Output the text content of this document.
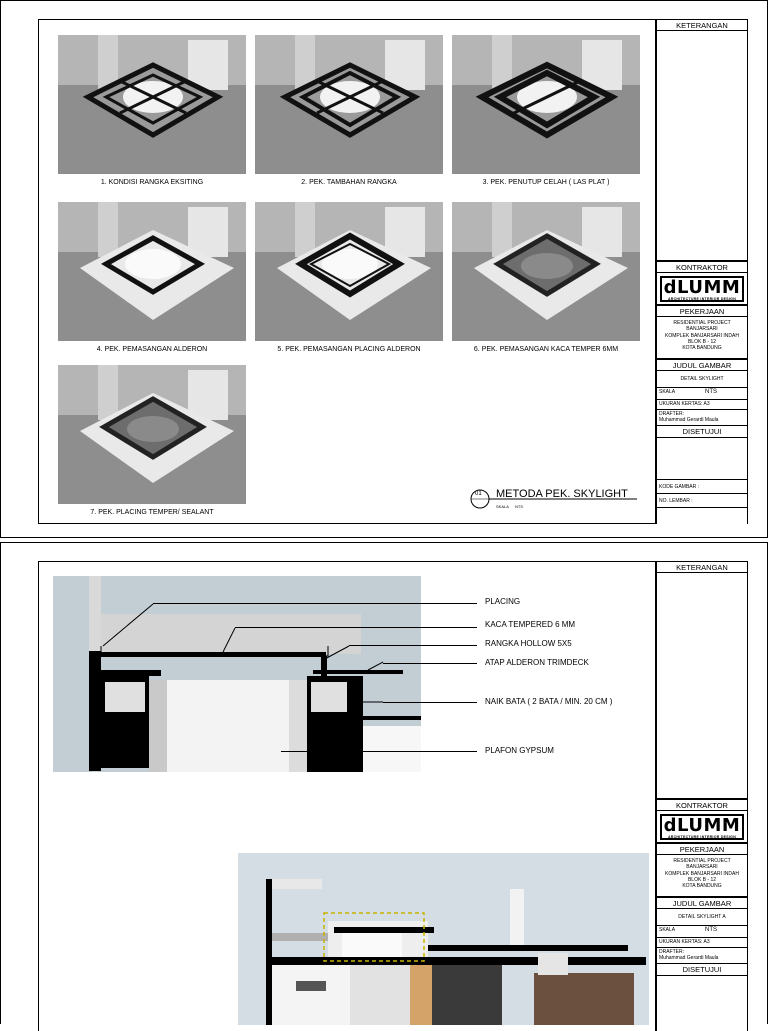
1. KONDISI RANGKA EKSITING	2. PEK. TAMBAHAN RANGKA	3. PEK. PENUTUP CELAH ( LAS PLAT )
4. PEK. PEMASANGAN ALDERON	5. PEK. PEMASANGAN PLACING ALDERON	6. PEK. PEMASANGAN KACA TEMPER 6MM
7. PEK. PLACING TEMPER/ SEALANT
01 METODA PEK. SKYLIGHT
SKALA NTS
KETERANGAN
KONTRAKTOR
dLUMM
ARCHITECTURE INTERIOR DESIGN
PEKERJAAN
RESIDENTIAL PROJECT
BANJARSARI
KOMPLEK BANJARSARI INDAH
BLOK B - 12
KOTA BANDUNG
JUDUL GAMBAR
DETAIL SKYLIGHT
SKALA	NTS
UKURAN KERTAS: A3
DRAFTER:
Muhammad Gerardi Maula
DISETUJUI
KODE GAMBAR :
NO. LEMBAR :
PLACING
KACA TEMPERED 6 MM
RANGKA HOLLOW 5X5
ATAP ALDERON TRIMDECK
NAIK BATA ( 2 BATA / MIN. 20 CM )
PLAFON GYPSUM
KETERANGAN
KONTRAKTOR
dLUMM
ARCHITECTURE INTERIOR DESIGN
PEKERJAAN
RESIDENTIAL PROJECT
BANJARSARI
KOMPLEK BANJARSARI INDAH
BLOK B - 12
KOTA BANDUNG
JUDUL GAMBAR
DETAIL SKYLIGHT A
SKALA	NTS
UKURAN KERTAS: A3
DRAFTER:
Muhammad Gerardi Maula
DISETUJUI
